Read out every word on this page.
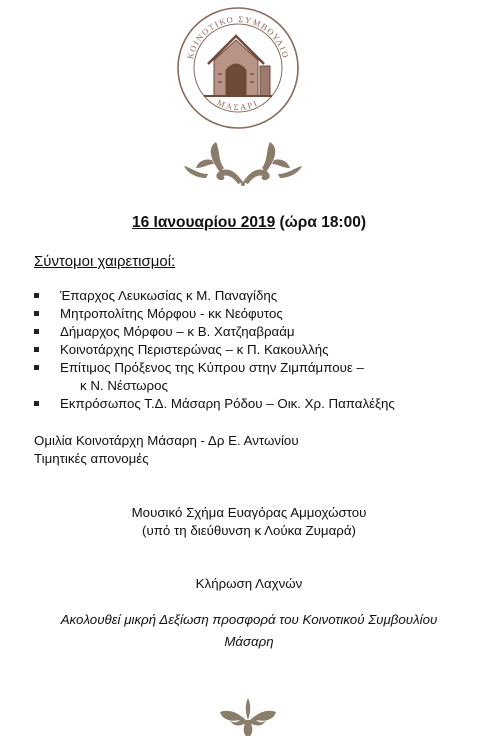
ΚΟΙΝΟΤΙΚΟ ΣΥΜΒΟΥΛΙΟ
ΜΑΣΑΡΙ
16 Ιανουαρίου 2019 (ώρα 18:00)
Σύντομοι χαιρετισμοί:
Έπαρχος Λευκωσίας κ Μ. Παναγίδης
Μητροπολίτης Μόρφου - κκ Νεόφυτος
Δήμαρχος Μόρφου – κ Β. Χατζηαβραάμ
Κοινοτάρχης Περιστερώνας – κ Π. Κακουλλής
Επίτιμος Πρόξενος της Κύπρου στην Ζιμπάμπουε –
κ Ν. Νέστωρος
Εκπρόσωπος Τ.Δ. Μάσαρη Ρόδου – Οικ. Χρ. Παπαλέξης
Ομιλία Κοινοτάρχη Μάσαρη - Δρ Ε. Αντωνίου
Τιμητικές απονομές
Μουσικό Σχήμα Ευαγόρας Αμμοχώστου
(υπό τη διεύθυνση κ Λούκα Ζυμαρά)
Κλήρωση Λαχνών
Ακολουθεί μικρή Δεξίωση προσφορά του Κοινοτικού Συμβουλίου
Μάσαρη
